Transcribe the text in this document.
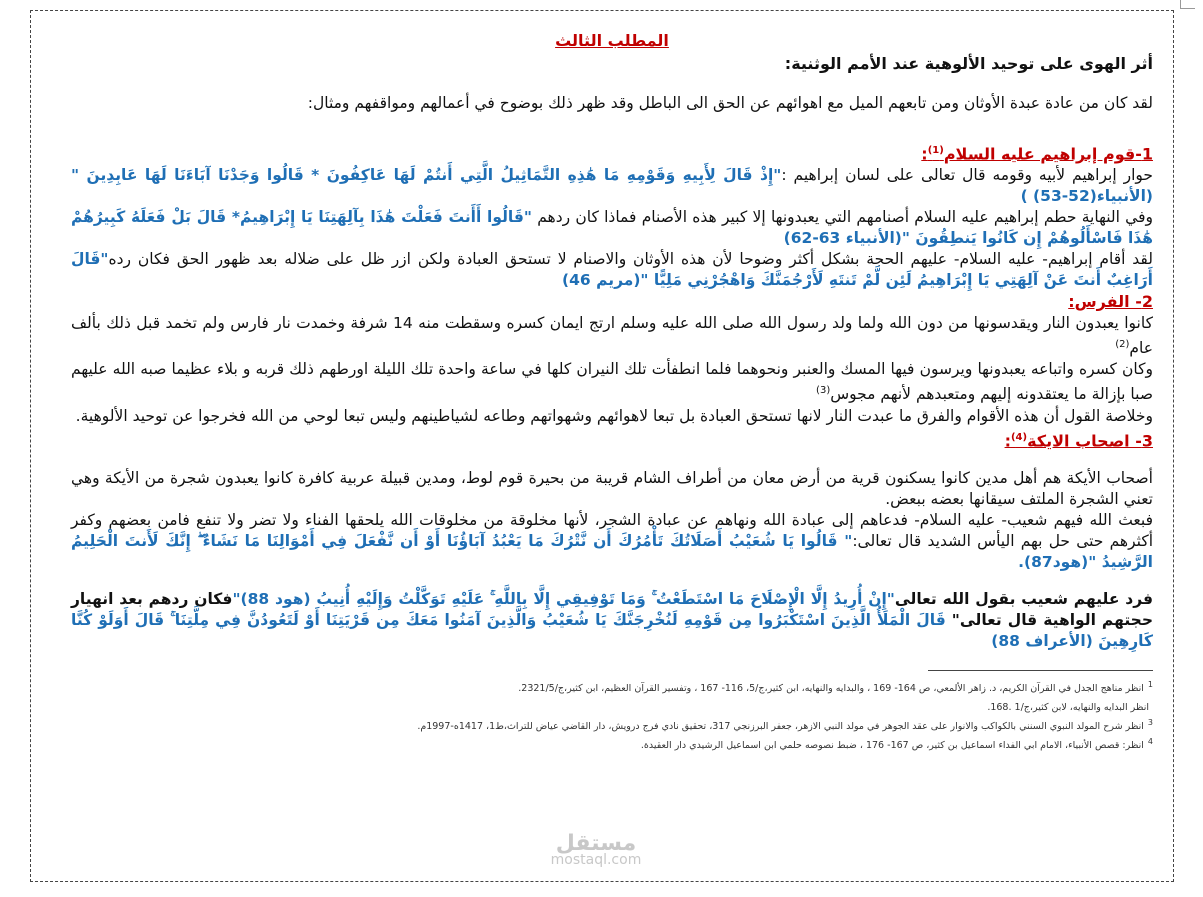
المطلب الثالث
أثر الهوى على توحيد الألوهية عند الأمم الوثنية:

لقد كان من عادة عبدة الأوثان ومن تابعهم الميل مع اهوائهم عن الحق الى الباطل وقد ظهر ذلك بوضوح في أعمالهم ومواقفهم ومثال:

1-قوم إبراهيم عليه السلام$^{(1)}$:

حوار إبراهيم لأبيه وقومه قال تعالى على لسان إبراهيم :"إِذْ قَالَ لِأَبِيهِ وَقَوْمِهِ مَا هَٰذِهِ التَّمَاثِيلُ الَّتِي أَنتُمْ لَهَا عَاكِفُونَ * قَالُوا وَجَدْنَا آبَاءَنَا لَهَا عَابِدِينَ "(الأنبياء(52-53) )

وفي النهاية حطم إبراهيم عليه السلام أصنامهم التي يعبدونها إلا كبير هذه الأصنام فماذا كان ردهم "قَالُوا أَأَنتَ فَعَلْتَ هَٰذَا بِآلِهَتِنَا يَا إِبْرَاهِيمُ* قَالَ بَلْ فَعَلَهُ كَبِيرُهُمْ هَٰذَا فَاسْأَلُوهُمْ إِن كَانُوا يَنطِقُونَ "(الأنبياء 63-62)

لقد أقام إبراهيم- عليه السلام- عليهم الحجة بشكل أكثر وضوحا لأن هذه الأوثان والاصنام لا تستحق العبادة ولكن ازر ظل على ضلاله بعد ظهور الحق فكان رده"قَالَ أَرَاغِبٌ أَنتَ عَنْ آلِهَتِي يَا إِبْرَاهِيمُ لَئِن لَّمْ تَنتَهِ لَأَرْجُمَنَّكَ وَاهْجُرْنِي مَلِيًّا "(مريم 46)

2- الفرس:

كانوا يعبدون النار ويقدسونها من دون الله ولما ولد رسول الله صلى الله عليه وسلم ارتج ايمان كسره وسقطت منه 14 شرفة وخمدت نار فارس ولم تخمد قبل ذلك بألف عام$^{(2)}$

وكان كسره واتباعه يعبدونها ويرسون فيها المسك والعنبر ونحوهما فلما انطفأت تلك النيران كلها في ساعة واحدة تلك الليلة اورطهم ذلك قربه و بلاء عظيما صبه الله عليهم صبا بإزالة ما يعتقدونه إليهم ومتعبدهم لأنهم مجوس$^{(3)}$

وخلاصة القول أن هذه الأقوام والفرق ما عبدت النار لانها تستحق العبادة بل تبعا لاهوائهم وشهواتهم وطاعه لشياطينهم وليس تبعا لوحي من الله فخرجوا عن توحيد الألوهية.

3- اصحاب الايكة$^{(4)}$:

أصحاب الأيكة هم أهل مدين كانوا يسكنون قرية من أرض معان من أطراف الشام قريبة من بحيرة قوم لوط، ومدين قبيلة عربية كافرة كانوا يعبدون شجرة من الأيكة وهي تعني الشجرة الملتف سيقانها بعضه ببعض.

فبعث الله فيهم شعيب- عليه السلام- فدعاهم إلى عبادة الله ونهاهم عن عبادة الشجر، لأنها مخلوقة من مخلوقات الله يلحقها الفناء ولا تضر ولا تنفع فامن بعضهم وكفر أكثرهم حتى حل بهم اليأس الشديد قال تعالى:" قَالُوا يَا شُعَيْبُ أَصَلَاتُكَ تَأْمُرُكَ أَن نَّتْرُكَ مَا يَعْبُدُ آبَاؤُنَا أَوْ أَن نَّفْعَلَ فِي أَمْوَالِنَا مَا نَشَاءُ ۖ إِنَّكَ لَأَنتَ الْحَلِيمُ الرَّشِيدُ "(هود87).

فرد عليهم شعيب بقول الله تعالى"إِنْ أُرِيدُ إِلَّا الْإِصْلَاحَ مَا اسْتَطَعْتُ ۚ وَمَا تَوْفِيقِي إِلَّا بِاللَّهِ ۚ عَلَيْهِ تَوَكَّلْتُ وَإِلَيْهِ أُنِيبُ (هود 88)"فكان ردهم بعد انهيار حجتهم الواهية قال تعالى" قَالَ الْمَلَأُ الَّذِينَ اسْتَكْبَرُوا مِن قَوْمِهِ لَنُخْرِجَنَّكَ يَا شُعَيْبُ وَالَّذِينَ آمَنُوا مَعَكَ مِن قَرْيَتِنَا أَوْ لَتَعُودُنَّ فِي مِلَّتِنَا ۚ قَالَ أَوَلَوْ كُنَّا كَارِهِينَ (الأعراف 88)

$^1$انظر مناهج الجدل في القرآن الكريم، د. زاهر الألمعي، ص 164- 169 ، والبدايه والنهايه، ابن كثير،ج/5، 116- 167 ، وتفسير القرآن العظيم، ابن كثير،ج/2321/5.
انظر البدايه والنهايه، لابن كثير،ج/1 .168.
$^3$انظر شرح المولد النبوي السنني بالكواكب والانوار على عقد الجوهر في مولد النبي الازهر، جعفر البرزنجي 317، تحقيق نادي فرج درويش، دار القاضي عياض للتراث،ط1، 1417ه-1997م.
$^4$انظر: قصص الأنبياء، الامام ابي الفداء اسماعيل بن كثير، ص 167- 176 ، ضبط نصوصه حلمي ابن اسماعيل الرشيدي دار العقيدة.
مستقل
mostaql.com
